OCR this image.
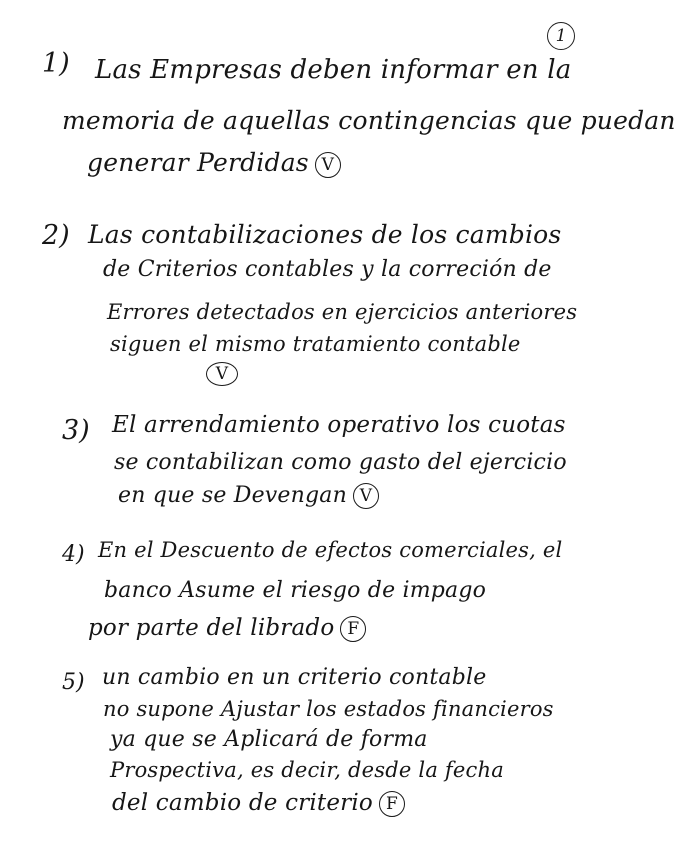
1
1) Las Empresas deben informar en la
memoria de aquellas contingencias que puedan
generar Perdidas V
2) Las contabilizaciones de los cambios
de Criterios contables y la correción de
Errores detectados en ejercicios anteriores
siguen el mismo tratamiento contable
V
3) El arrendamiento operativo los cuotas
se contabilizan como gasto del ejercicio
en que se Devengan V
4) En el Descuento de efectos comerciales, el
banco Asume el riesgo de impago
por parte del librado F
5) un cambio en un criterio contable
no supone Ajustar los estados financieros
ya que se Aplicará de forma
Prospectiva, es decir, desde la fecha
del cambio de criterio F
